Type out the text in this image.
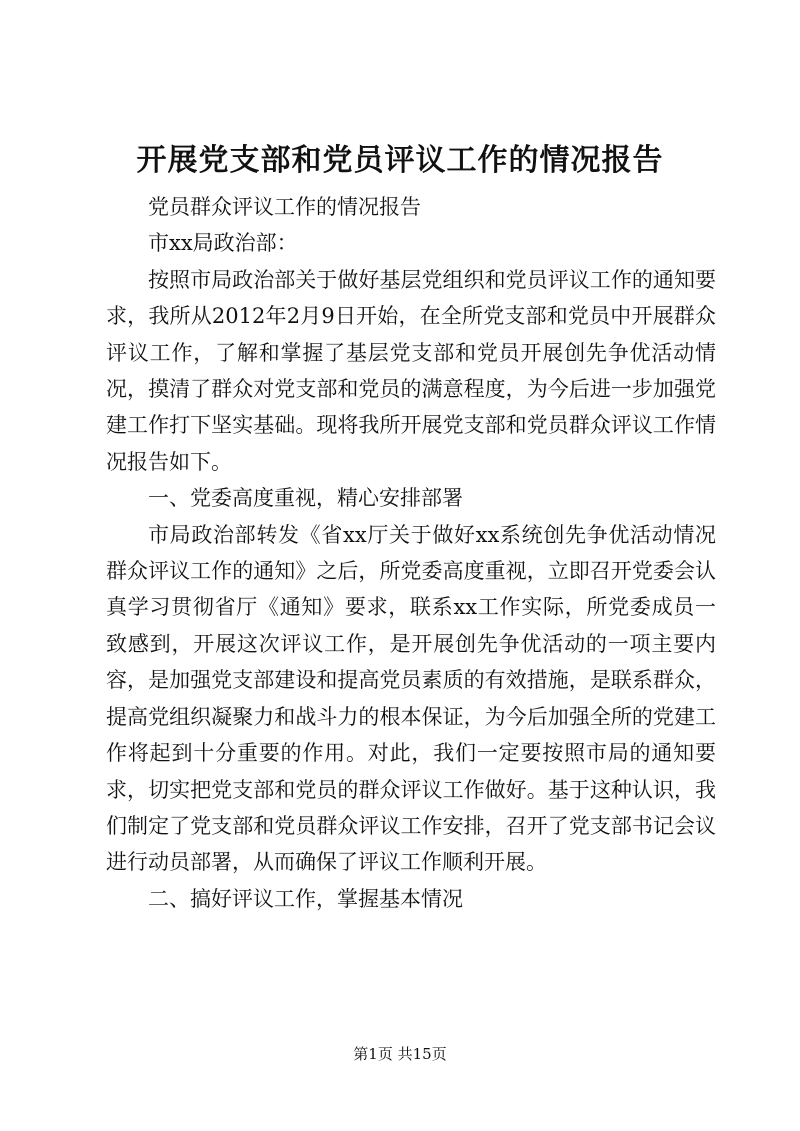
开展党支部和党员评议工作的情况报告

党员群众评议工作的情况报告

市xx局政治部：

按照市局政治部关于做好基层党组织和党员评议工作的通知要求，我所从2012年2月9日开始，在全所党支部和党员中开展群众评议工作，了解和掌握了基层党支部和党员开展创先争优活动情况，摸清了群众对党支部和党员的满意程度，为今后进一步加强党建工作打下坚实基础。现将我所开展党支部和党员群众评议工作情况报告如下。

一、党委高度重视，精心安排部署

市局政治部转发《省xx厅关于做好xx系统创先争优活动情况群众评议工作的通知》之后，所党委高度重视，立即召开党委会认真学习贯彻省厅《通知》要求，联系xx工作实际，所党委成员一致感到，开展这次评议工作，是开展创先争优活动的一项主要内容，是加强党支部建设和提高党员素质的有效措施，是联系群众，提高党组织凝聚力和战斗力的根本保证，为今后加强全所的党建工作将起到十分重要的作用。对此，我们一定要按照市局的通知要求，切实把党支部和党员的群众评议工作做好。基于这种认识，我们制定了党支部和党员群众评议工作安排，召开了党支部书记会议进行动员部署，从而确保了评议工作顺利开展。

二、搞好评议工作，掌握基本情况

第1页 共15页
